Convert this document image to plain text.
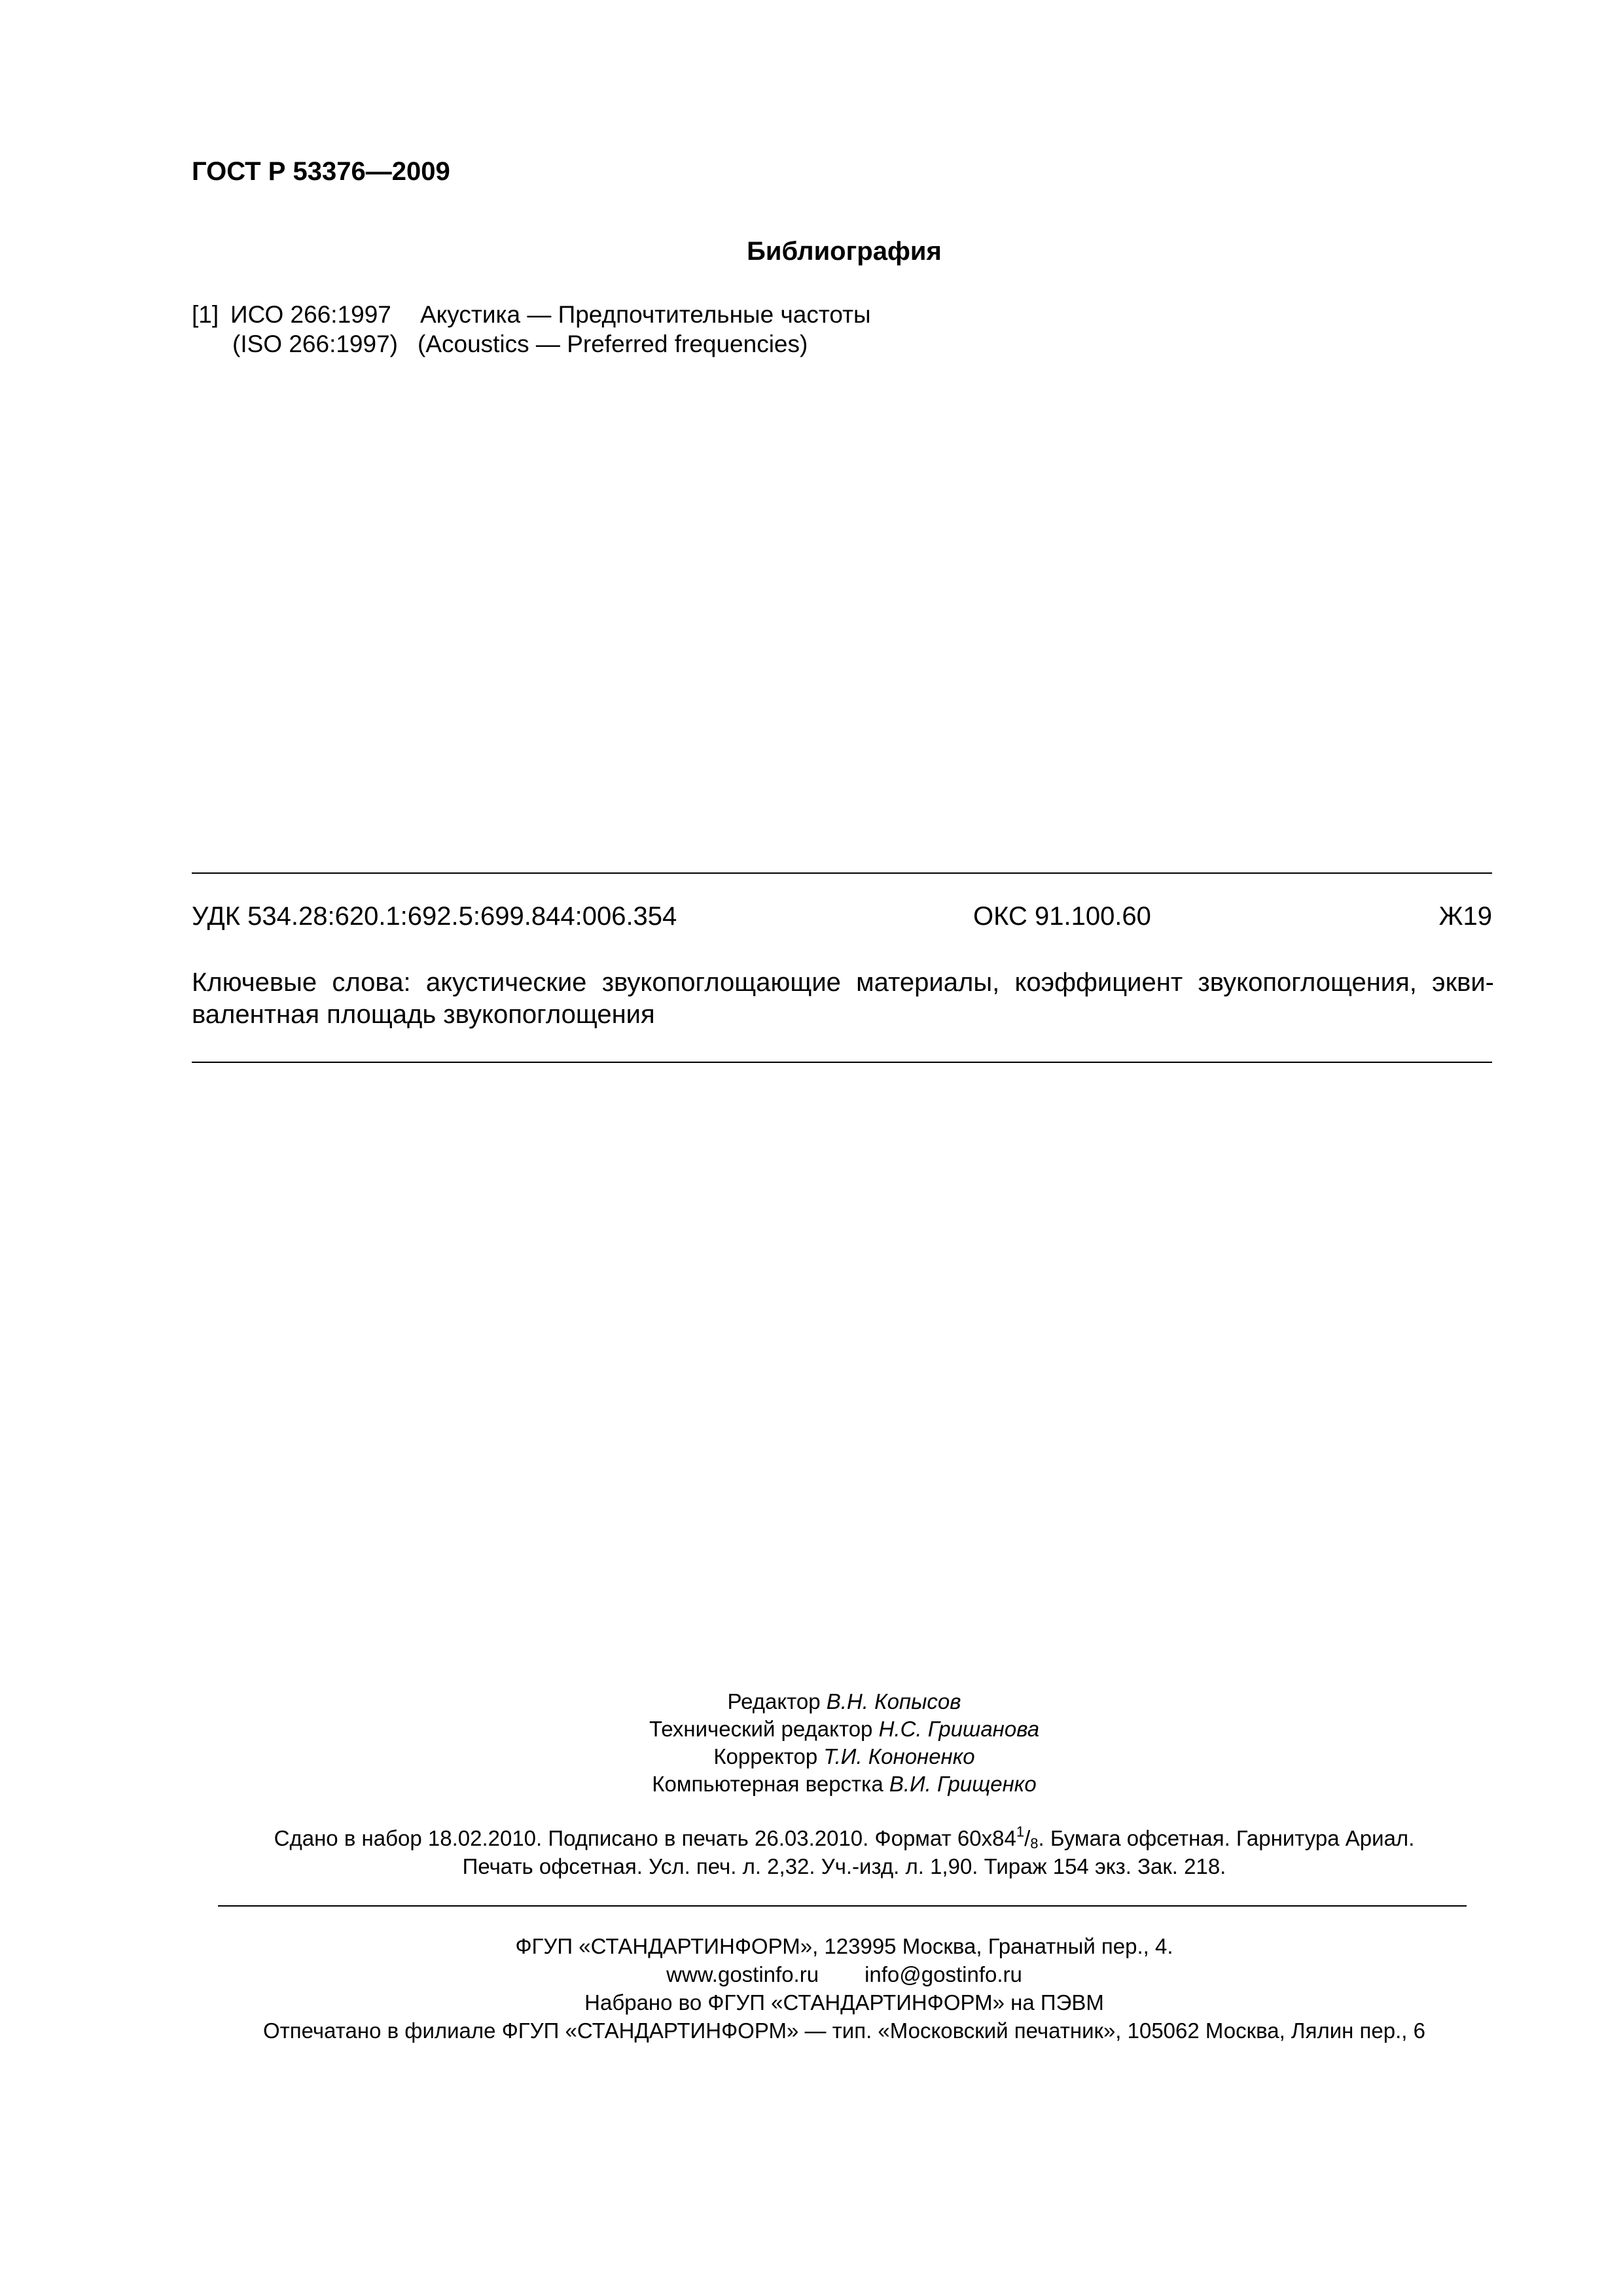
ГОСТ Р 53376—2009
Библиография
[1] ИСО 266:1997 Акустика — Предпочтительные частоты
(ISO 266:1997) (Acoustics — Preferred frequencies)
УДК 534.28:620.1:692.5:699.844:006.354	ОКС 91.100.60	Ж19

Ключевые слова: акустические звукопоглощающие материалы, коэффициент звукопоглощения, экви-

валентная площадь звукопоглощения

Редактор В.Н. Копысов
Технический редактор Н.С. Гришанова
Корректор Т.И. Кононенко
Компьютерная верстка В.И. Грищенко
Сдано в набор 18.02.2010. Подписано в печать 26.03.2010. Формат $60x84^1/_8$. Бумага офсетная. Гарнитура Ариал.
Печать офсетная. Усл. печ. л. 2,32. Уч.-изд. л. 1,90. Тираж 154 экз. Зак. 218.
ФГУП «СТАНДАРТИНФОРМ», 123995 Москва, Гранатный пер., 4.
www.gostinfo.ru info@gostinfo.ru
Набрано во ФГУП «СТАНДАРТИНФОРМ» на ПЭВМ
Отпечатано в филиале ФГУП «СТАНДАРТИНФОРМ» — тип. «Московский печатник», 105062 Москва, Лялин пер., 6
